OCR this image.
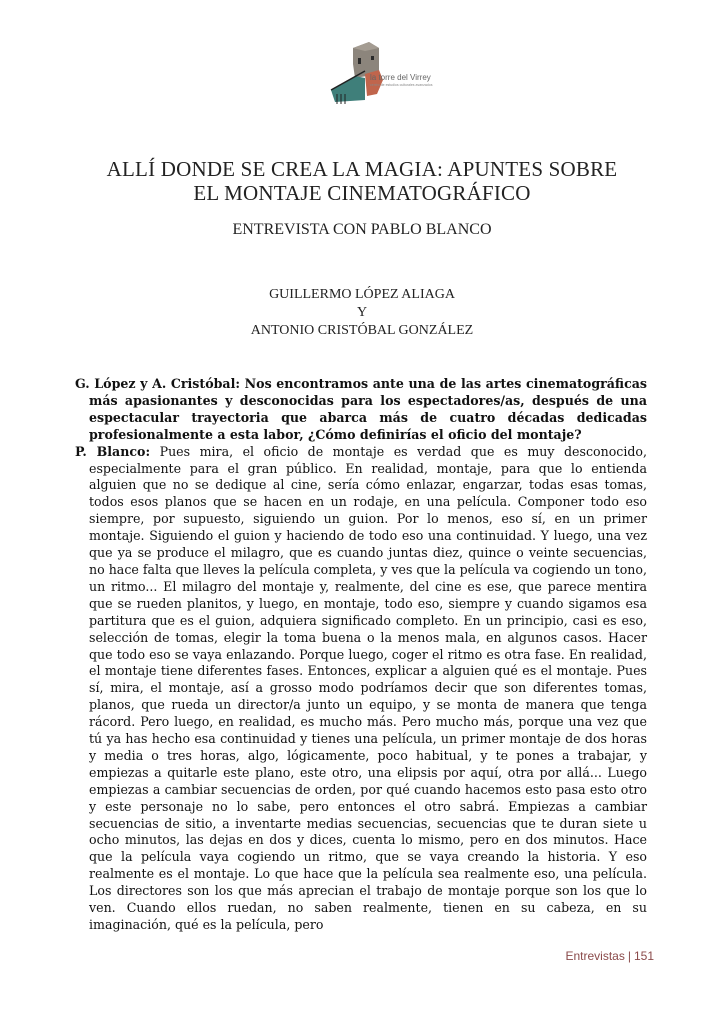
la torre del Virrey
centro de estudios culturales avanzados
ALLÍ DONDE SE CREA LA MAGIA: APUNTES SOBRE
EL MONTAJE CINEMATOGRÁFICO
ENTREVISTA CON PABLO BLANCO
GUILLERMO LÓPEZ ALIAGA
Y
ANTONIO CRISTÓBAL GONZÁLEZ

G. López y A. Cristóbal: Nos encontramos ante una de las artes cinematográficas más apasionantes y desconocidas para los espectadores/as, después de una espectacular trayectoria que abarca más de cuatro décadas dedicadas profesionalmente a esta labor, ¿Cómo definirías el oficio del montaje?

P. Blanco: Pues mira, el oficio de montaje es verdad que es muy desconocido, especialmente para el gran público. En realidad, montaje, para que lo entienda alguien que no se dedique al cine, sería cómo enlazar, engarzar, todas esas tomas, todos esos planos que se hacen en un rodaje, en una película. Componer todo eso siempre, por supuesto, siguiendo un guion. Por lo menos, eso sí, en un primer montaje. Siguiendo el guion y haciendo de todo eso una continuidad. Y luego, una vez que ya se produce el milagro, que es cuando juntas diez, quince o veinte secuencias, no hace falta que lleves la película completa, y ves que la película va cogiendo un tono, un ritmo... El milagro del montaje y, realmente, del cine es ese, que parece mentira que se rueden planitos, y luego, en montaje, todo eso, siempre y cuando sigamos esa partitura que es el guion, adquiera significado completo. En un principio, casi es eso, selección de tomas, elegir la toma buena o la menos mala, en algunos casos. Hacer que todo eso se vaya enlazando. Porque luego, coger el ritmo es otra fase. En realidad, el montaje tiene diferentes fases. Entonces, explicar a alguien qué es el montaje. Pues sí, mira, el montaje, así a grosso modo podríamos decir que son diferentes tomas, planos, que rueda un director/a junto un equipo, y se monta de manera que tenga rácord. Pero luego, en realidad, es mucho más. Pero mucho más, porque una vez que tú ya has hecho esa continuidad y tienes una película, un primer montaje de dos horas y media o tres horas, algo, lógicamente, poco habitual, y te pones a trabajar, y empiezas a quitarle este plano, este otro, una elipsis por aquí, otra por allá... Luego empiezas a cambiar secuencias de orden, por qué cuando hacemos esto pasa esto otro y este personaje no lo sabe, pero entonces el otro sabrá. Empiezas a cambiar secuencias de sitio, a inventarte medias secuencias, secuencias que te duran siete u ocho minutos, las dejas en dos y dices, cuenta lo mismo, pero en dos minutos. Hace que la película vaya cogiendo un ritmo, que se vaya creando la historia. Y eso realmente es el montaje. Lo que hace que la película sea realmente eso, una película. Los directores son los que más aprecian el trabajo de montaje porque son los que lo ven. Cuando ellos ruedan, no saben realmente, tienen en su cabeza, en su imaginación, qué es la película, pero

Entrevistas | 151
